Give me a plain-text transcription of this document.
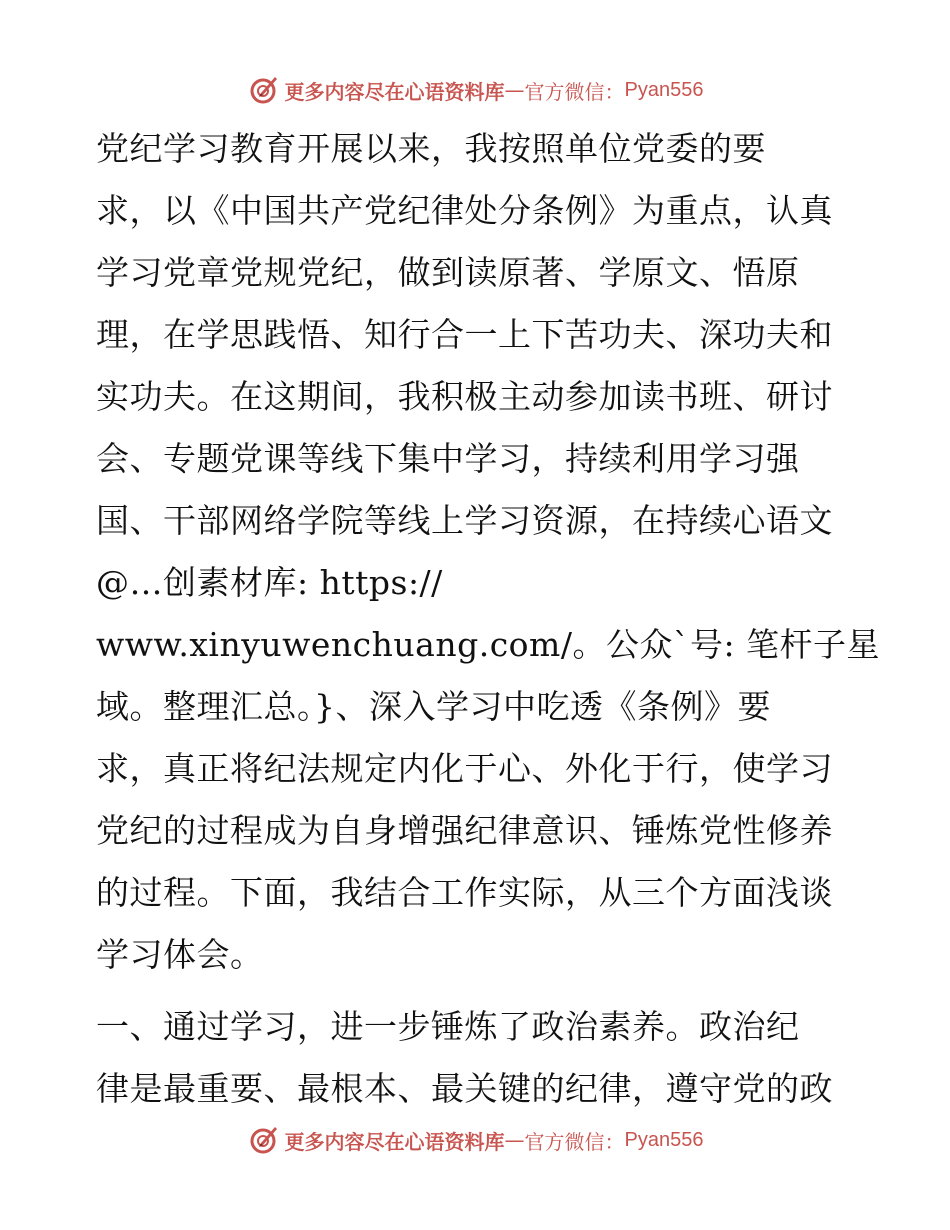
更多内容尽在心语资料库 — 官方微信： Pyan556
党纪学习教育开展以来，我按照单位党委的要
求，以《中国共产党纪律处分条例》为重点，认真
学习党章党规党纪，做到读原著、学原文、悟原
理，在学思践悟、知行合一上下苦功夫、深功夫和
实功夫。在这期间，我积极主动参加读书班、研讨
会、专题党课等线下集中学习，持续利用学习强
国、干部网络学院等线上学习资源，在持续心语文
@…创素材库: https://
www.xinyuwenchuang.com/。公众`号: 笔杆子星
域。整理汇总。}、深入学习中吃透《条例》要
求，真正将纪法规定内化于心、外化于行，使学习
党纪的过程成为自身增强纪律意识、锤炼党性修养
的过程。下面，我结合工作实际，从三个方面浅谈
学习体会。
一、通过学习，进一步锤炼了政治素养。政治纪
律是最重要、最根本、最关键的纪律，遵守党的政
更多内容尽在心语资料库 — 官方微信： Pyan556
